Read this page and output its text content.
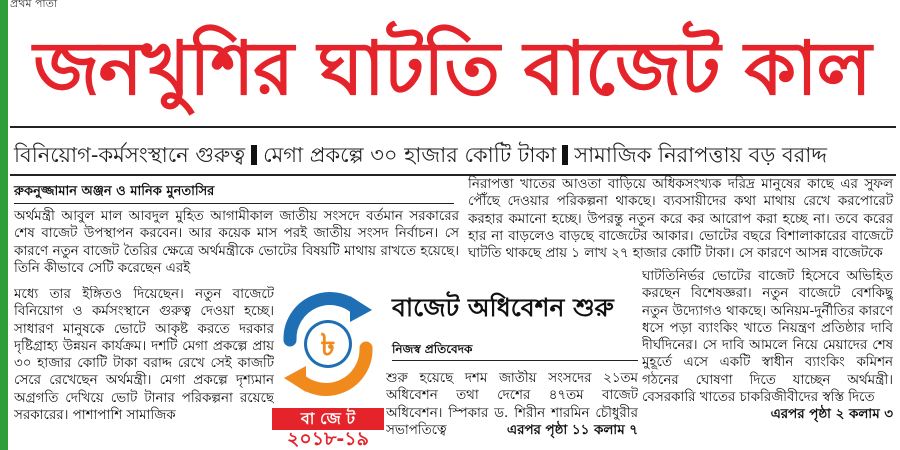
প্রথম পাতা
জনখুশির ঘাটতি বাজেট কাল
বিনিয়োগ-কর্মসংস্থানে গুরুত্ব মেগা প্রকল্পে ৩০ হাজার কোটি টাকা সামাজিক নিরাপত্তায় বড় বরাদ্দ
রুকনুজ্জামান অঞ্জন ও মানিক মুনতাসির

অর্থমন্ত্রী আবুল মাল আবদুল মুহিত আগামীকাল জাতীয় সংসদে বর্তমান সরকারের শেষ বাজেট উপস্থাপন করবেন। আর কয়েক মাস পরই জাতীয় সংসদ নির্বাচন। সে কারণে নতুন বাজেট তৈরির ক্ষেত্রে অর্থমন্ত্রীকে ভোটের বিষয়টি মাথায় রাখতে হয়েছে। তিনি কীভাবে সেটি করেছেন এরই

মধ্যে তার ইঙ্গিতও দিয়েছেন। নতুন বাজেটে বিনিয়োগ ও কর্মসংস্থানে গুরুত্ব দেওয়া হচ্ছে। সাধারণ মানুষকে ভোটে আকৃষ্ট করতে দরকার দৃষ্টিগ্রাহ্য উন্নয়ন কার্যক্রম। দশটি মেগা প্রকল্পে প্রায় ৩০ হাজার কোটি টাকা বরাদ্দ রেখে সেই কাজটি সেরে রেখেছেন অর্থমন্ত্রী। মেগা প্রকল্পে দৃশ্যমান অগ্রগতি দেখিয়ে ভোট টানার পরিকল্পনা রয়েছে সরকারের। পাশাপাশি সামাজিক

নিরাপত্তা খাতের আওতা বাড়িয়ে অধিকসংখ্যক দরিদ্র মানুষের কাছে এর সুফল পৌঁছে দেওয়ার পরিকল্পনা থাকছে। ব্যবসায়ীদের কথা মাথায় রেখে করপোরেট করহার কমানো হচ্ছে। উপরন্তু নতুন করে কর আরোপ করা হচ্ছে না। তবে করের হার না বাড়লেও বাড়ছে বাজেটের আকার। ভোটের বছরে বিশালাকারের বাজেটে ঘাটতি থাকছে প্রায় ১ লাখ ২৭ হাজার কোটি টাকা। সে কারণে আসন্ন বাজেটকে

ঘাটতিনির্ভর ভোটের বাজেট হিসেবে অভিহিত করছেন বিশেষজ্ঞরা। নতুন বাজেটে বেশকিছু নতুন উদ্যোগও থাকছে। অনিয়ম-দুর্নীতির কারণে ধসে পড়া ব্যাংকিং খাতে নিয়ন্ত্রণ প্রতিষ্ঠার দাবি দীর্ঘদিনের। সে দাবি আমলে নিয়ে মেয়াদের শেষ মুহূর্তে এসে একটি স্বাধীন ব্যাংকিং কমিশন গঠনের ঘোষণা দিতে যাচ্ছেন অর্থমন্ত্রী। বেসরকারি খাতের চাকরিজীবীদের স্বস্তি দিতে
এরপর পৃষ্ঠা ২ কলাম ৩

৳
বা জে ট
২০১৮-১৯
বাজেট অধিবেশন শুরু
নিজস্ব প্রতিবেদক

শুরু হয়েছে দশম জাতীয় সংসদের ২১তম অধিবেশন তথা দেশের ৪৭তম বাজেট অধিবেশন। স্পিকার ড. শিরীন শারমিন চৌধুরীর সভাপতিত্বে	এরপর পৃষ্ঠা ১১ কলাম ৭
